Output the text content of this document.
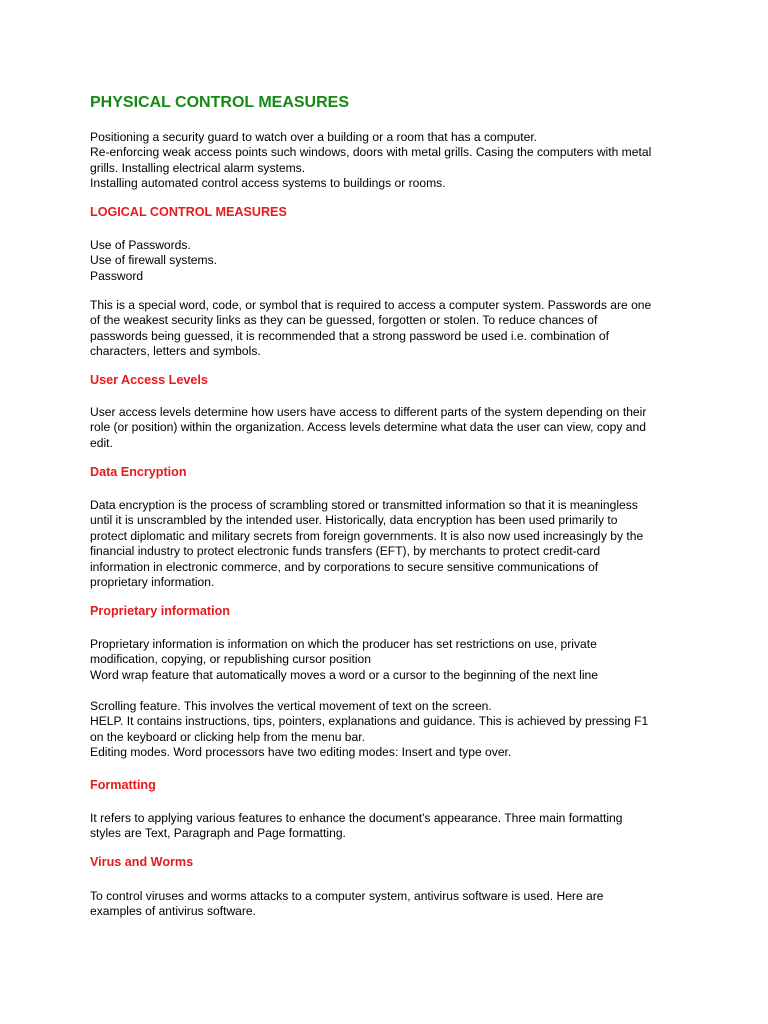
PHYSICAL CONTROL MEASURES

Positioning a security guard to watch over a building or a room that has a computer.
Re-enforcing weak access points such windows, doors with metal grills. Casing the computers with metal
grills. Installing electrical alarm systems.
Installing automated control access systems to buildings or rooms.

LOGICAL CONTROL MEASURES

Use of Passwords.
Use of firewall systems.
Password

This is a special word, code, or symbol that is required to access a computer system. Passwords are one
of the weakest security links as they can be guessed, forgotten or stolen. To reduce chances of
passwords being guessed, it is recommended that a strong password be used i.e. combination of
characters, letters and symbols.

User Access Levels

User access levels determine how users have access to different parts of the system depending on their
role (or position) within the organization. Access levels determine what data the user can view, copy and
edit.

Data Encryption

Data encryption is the process of scrambling stored or transmitted information so that it is meaningless
until it is unscrambled by the intended user. Historically, data encryption has been used primarily to
protect diplomatic and military secrets from foreign governments. It is also now used increasingly by the
financial industry to protect electronic funds transfers (EFT), by merchants to protect credit-card
information in electronic commerce, and by corporations to secure sensitive communications of
proprietary information.

Proprietary information

Proprietary information is information on which the producer has set restrictions on use, private
modification, copying, or republishing cursor position
Word wrap feature that automatically moves a word or a cursor to the beginning of the next line

Scrolling feature. This involves the vertical movement of text on the screen.
HELP. It contains instructions, tips, pointers, explanations and guidance. This is achieved by pressing F1
on the keyboard or clicking help from the menu bar.
Editing modes. Word processors have two editing modes: Insert and type over.

Formatting

It refers to applying various features to enhance the document's appearance. Three main formatting
styles are Text, Paragraph and Page formatting.

Virus and Worms

To control viruses and worms attacks to a computer system, antivirus software is used. Here are
examples of antivirus software.
